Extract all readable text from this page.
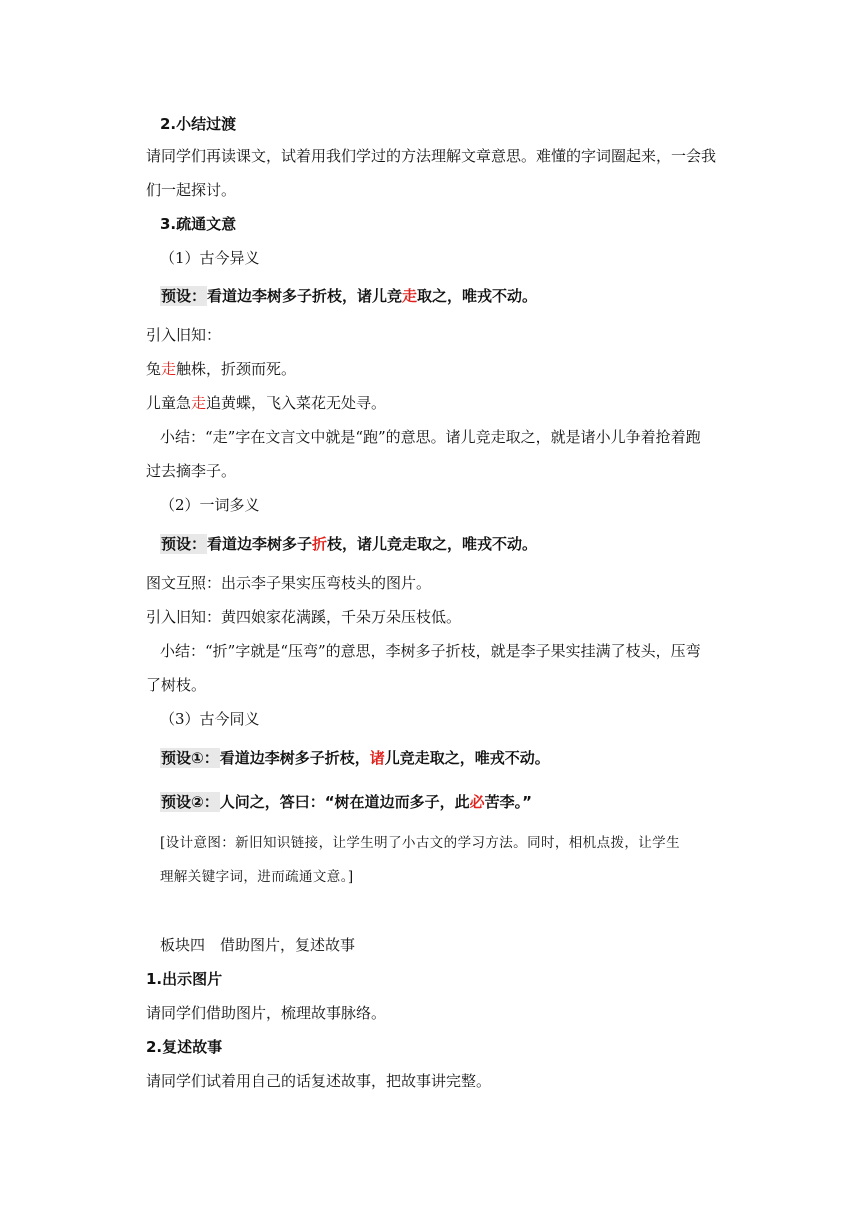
2.小结过渡
请同学们再读课文，试着用我们学过的方法理解文章意思。难懂的字词圈起来，一会我
们一起探讨。
3.疏通文意
（1）古今异义
预设：看道边李树多子折枝，诸儿竞走取之，唯戎不动。
引入旧知：
兔走触株，折颈而死。
儿童急走追黄蝶，飞入菜花无处寻。
小结：“走”字在文言文中就是“跑”的意思。诸儿竞走取之，就是诸小儿争着抢着跑
过去摘李子。
（2）一词多义
预设：看道边李树多子折枝，诸儿竞走取之，唯戎不动。
图文互照：出示李子果实压弯枝头的图片。
引入旧知：黄四娘家花满蹊，千朵万朵压枝低。
小结：“折”字就是“压弯”的意思，李树多子折枝，就是李子果实挂满了枝头，压弯
了树枝。
（3）古今同义
预设①：看道边李树多子折枝，诸儿竞走取之，唯戎不动。
预设②：人问之，答曰：“树在道边而多子，此必苦李。”
[设计意图：新旧知识链接，让学生明了小古文的学习方法。同时，相机点拨，让学生
理解关键字词，进而疏通文意。]
板块四　借助图片，复述故事
1.出示图片
请同学们借助图片，梳理故事脉络。
2.复述故事
请同学们试着用自己的话复述故事，把故事讲完整。
